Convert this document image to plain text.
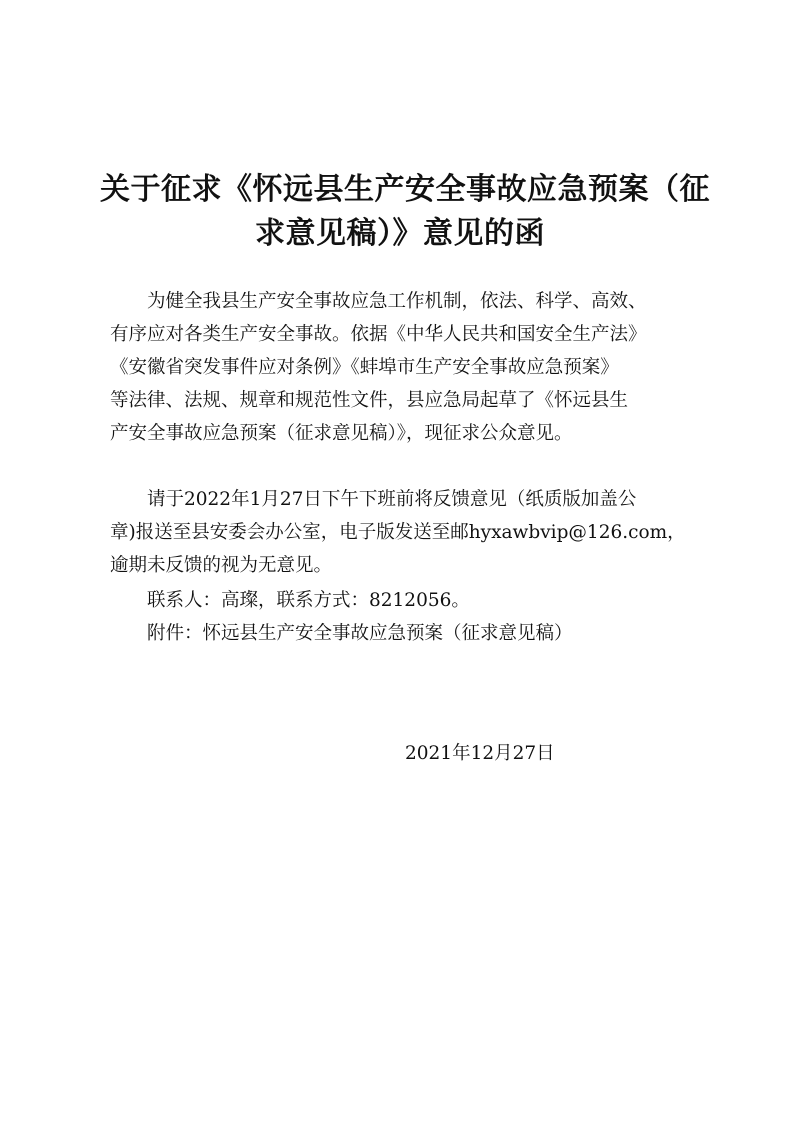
关于征求《怀远县生产安全事故应急预案（征
求意见稿）》意见的函
为健全我县生产安全事故应急工作机制，依法、科学、高效、
有序应对各类生产安全事故。依据《中华人民共和国安全生产法》
《安徽省突发事件应对条例》《蚌埠市生产安全事故应急预案》
等法律、法规、规章和规范性文件，县应急局起草了《怀远县生
产安全事故应急预案（征求意见稿）》，现征求公众意见。
请于2022年1月27日下午下班前将反馈意见（纸质版加盖公
章)报送至县安委会办公室，电子版发送至邮hyxawbvip@126.com，
逾期未反馈的视为无意见。
联系人：高璨，联系方式：8212056。
附件：怀远县生产安全事故应急预案（征求意见稿）
2021年12月27日
